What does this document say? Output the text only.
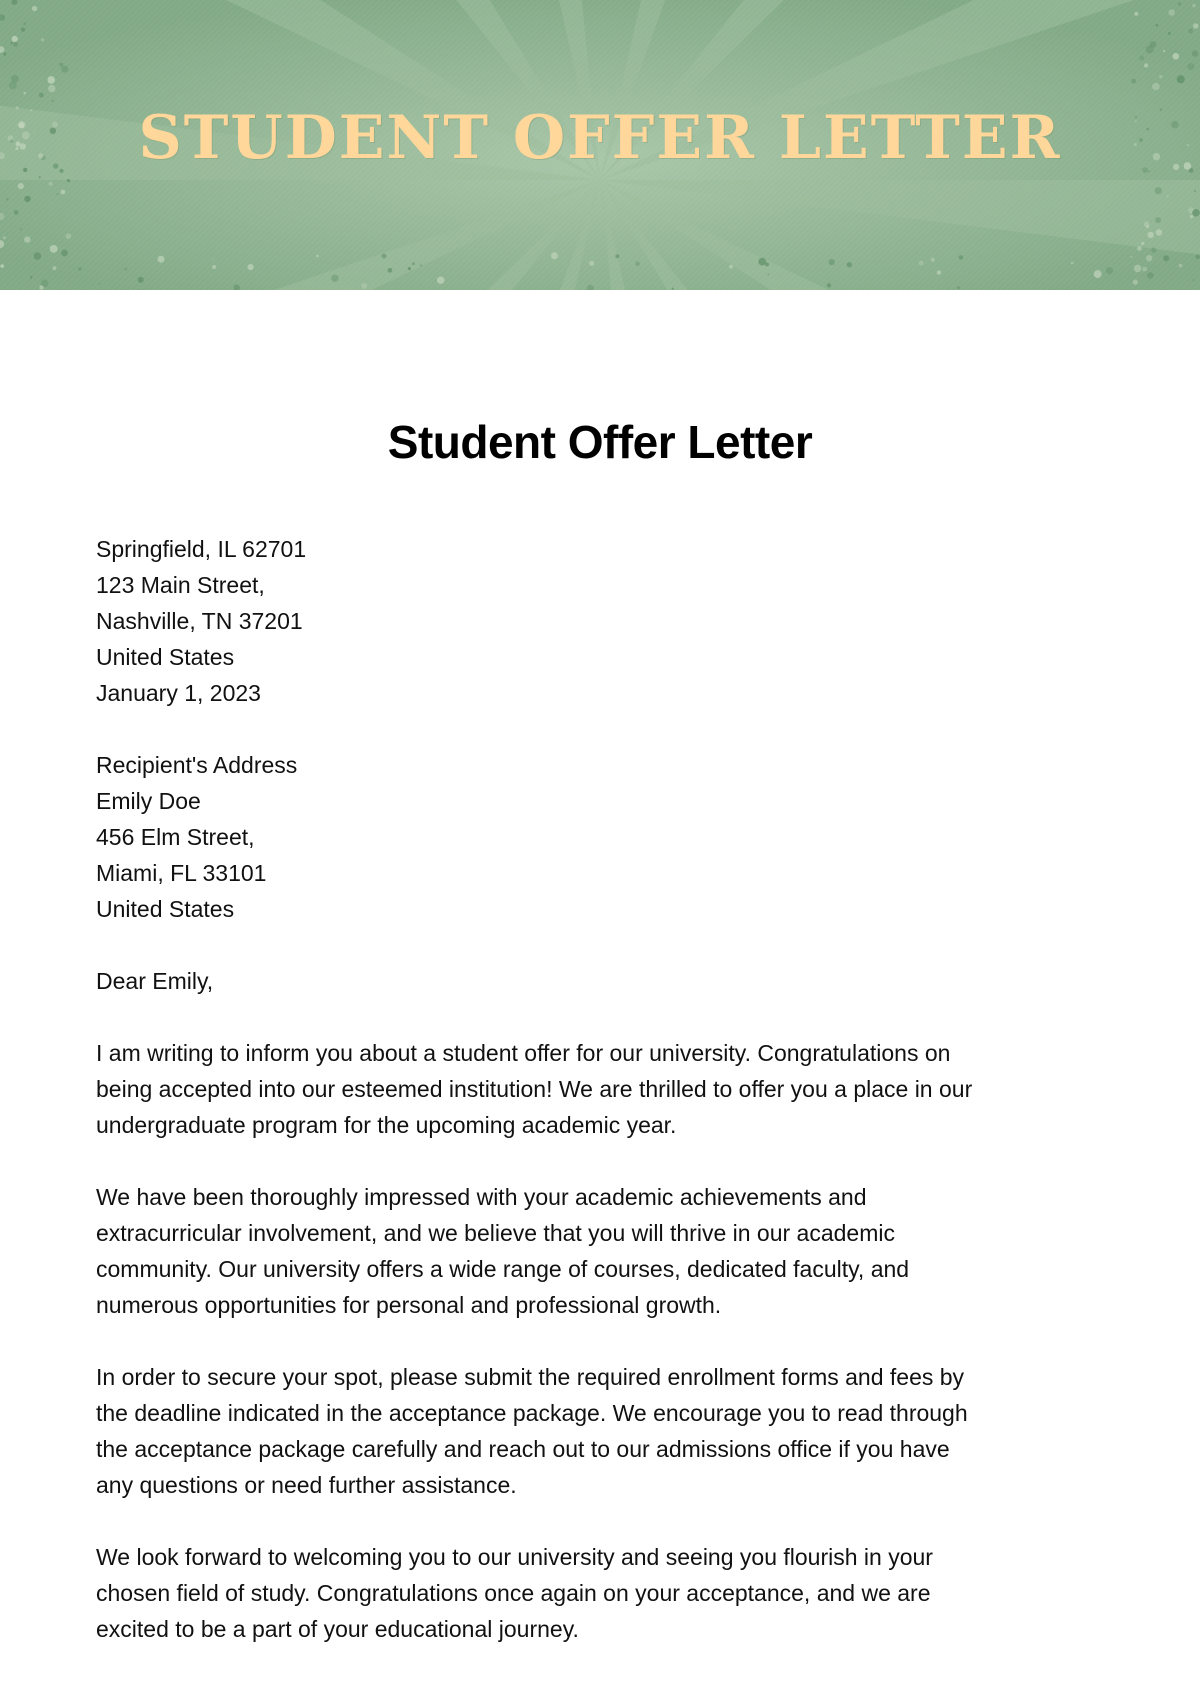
STUDENT OFFER LETTER
Student Offer Letter
Springfield, IL 62701
123 Main Street,
Nashville, TN 37201
United States
January 1, 2023
Recipient's Address
Emily Doe
456 Elm Street,
Miami, FL 33101
United States
Dear Emily,
I am writing to inform you about a student offer for our university. Congratulations on
being accepted into our esteemed institution! We are thrilled to offer you a place in our
undergraduate program for the upcoming academic year.
We have been thoroughly impressed with your academic achievements and
extracurricular involvement, and we believe that you will thrive in our academic
community. Our university offers a wide range of courses, dedicated faculty, and
numerous opportunities for personal and professional growth.
In order to secure your spot, please submit the required enrollment forms and fees by
the deadline indicated in the acceptance package. We encourage you to read through
the acceptance package carefully and reach out to our admissions office if you have
any questions or need further assistance.
We look forward to welcoming you to our university and seeing you flourish in your
chosen field of study. Congratulations once again on your acceptance, and we are
excited to be a part of your educational journey.
